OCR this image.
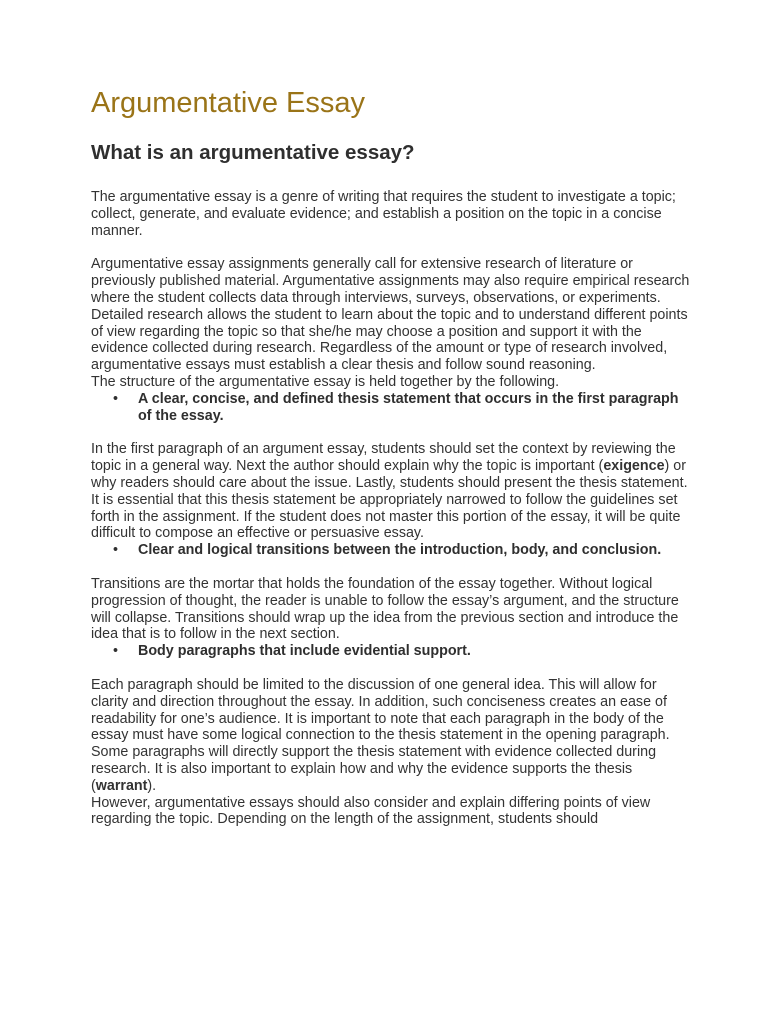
Argumentative Essay
What is an argumentative essay?

The argumentative essay is a genre of writing that requires the student to investigate a topic; collect, generate, and evaluate evidence; and establish a position on the topic in a concise manner.

Argumentative essay assignments generally call for extensive research of literature or previously published material. Argumentative assignments may also require empirical research where the student collects data through interviews, surveys, observations, or experiments. Detailed research allows the student to learn about the topic and to understand different points of view regarding the topic so that she/he may choose a position and support it with the evidence collected during research. Regardless of the amount or type of research involved, argumentative essays must establish a clear thesis and follow sound reasoning.

The structure of the argumentative essay is held together by the following.

• A clear, concise, and defined thesis statement that occurs in the first paragraph of the essay.

In the first paragraph of an argument essay, students should set the context by reviewing the topic in a general way. Next the author should explain why the topic is important (exigence) or why readers should care about the issue. Lastly, students should present the thesis statement. It is essential that this thesis statement be appropriately narrowed to follow the guidelines set forth in the assignment. If the student does not master this portion of the essay, it will be quite difficult to compose an effective or persuasive essay.

• Clear and logical transitions between the introduction, body, and conclusion.

Transitions are the mortar that holds the foundation of the essay together. Without logical progression of thought, the reader is unable to follow the essay’s argument, and the structure will collapse. Transitions should wrap up the idea from the previous section and introduce the idea that is to follow in the next section.

• Body paragraphs that include evidential support.

Each paragraph should be limited to the discussion of one general idea. This will allow for clarity and direction throughout the essay. In addition, such conciseness creates an ease of readability for one’s audience. It is important to note that each paragraph in the body of the essay must have some logical connection to the thesis statement in the opening paragraph. Some paragraphs will directly support the thesis statement with evidence collected during research. It is also important to explain how and why the evidence supports the thesis (warrant).

However, argumentative essays should also consider and explain differing points of view regarding the topic. Depending on the length of the assignment, students should
